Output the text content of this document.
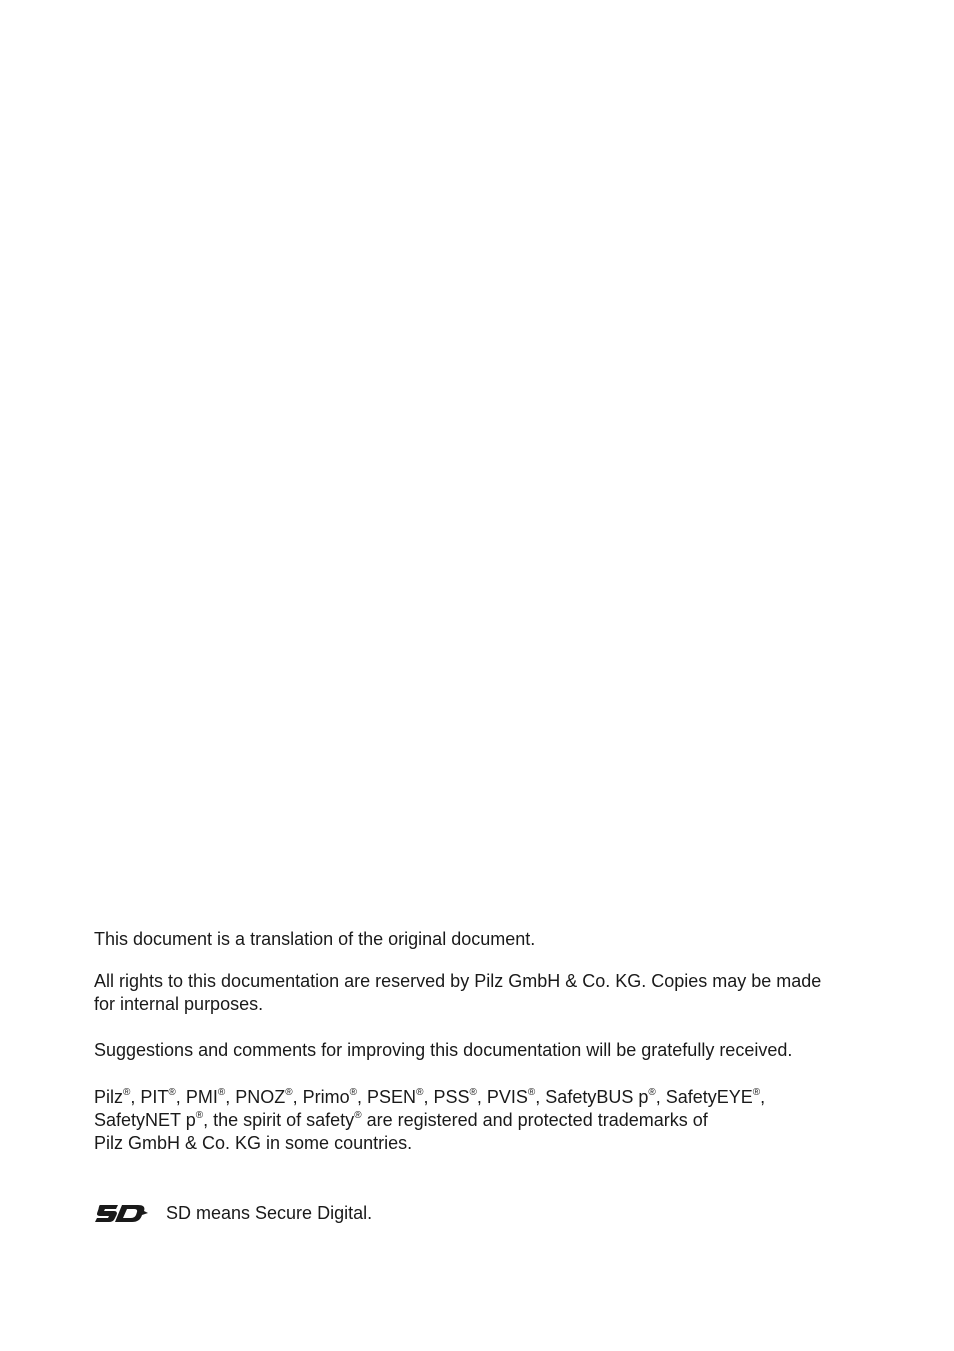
This document is a translation of the original document.

All rights to this documentation are reserved by Pilz GmbH & Co. KG. Copies may be made

for internal purposes.

Suggestions and comments for improving this documentation will be gratefully received.

Pilz®, PIT®, PMI®, PNOZ®, Primo®, PSEN®, PSS®, PVIS®, SafetyBUS p®, SafetyEYE®,

SafetyNET p®, the spirit of safety® are registered and protected trademarks of

Pilz GmbH & Co. KG in some countries.

SD means Secure Digital.
